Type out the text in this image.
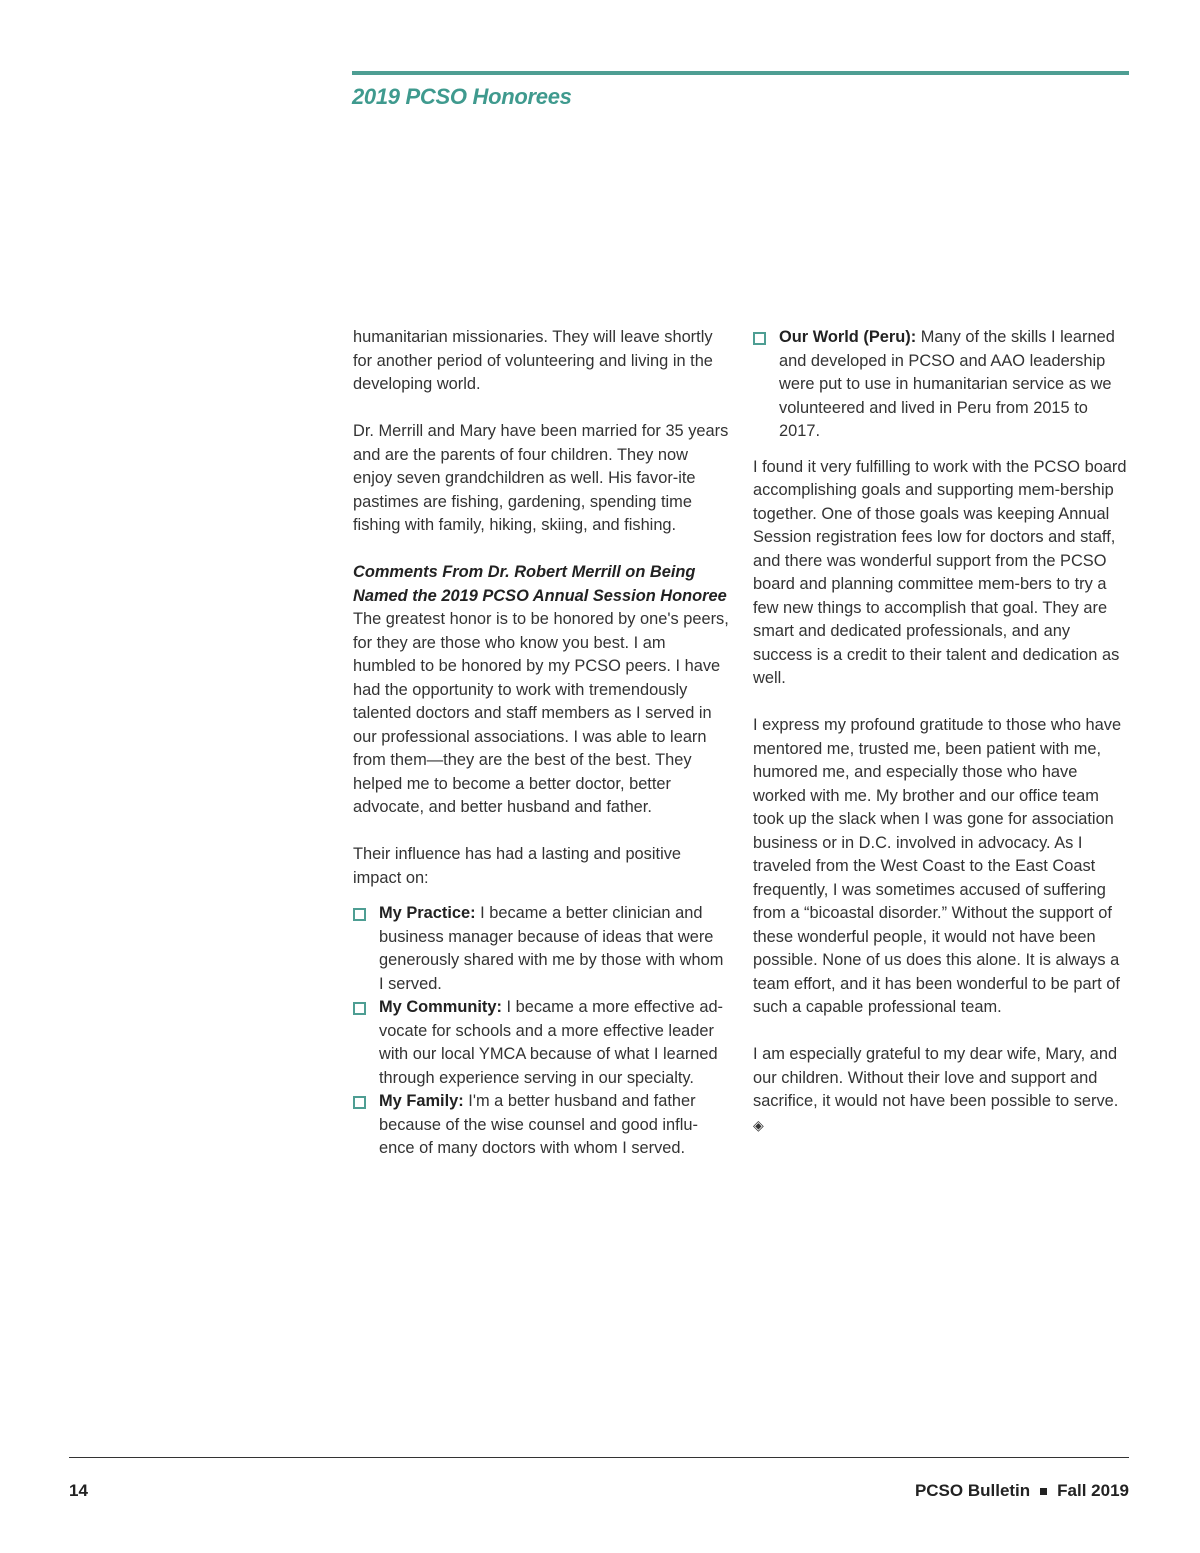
2019 PCSO Honorees

humanitarian missionaries. They will leave shortly for another period of volunteering and living in the developing world.

Dr. Merrill and Mary have been married for 35 years and are the parents of four children. They now enjoy seven grandchildren as well. His favor-ite pastimes are fishing, gardening, spending time fishing with family, hiking, skiing, and fishing.

Comments From Dr. Robert Merrill on Being Named the 2019 PCSO Annual Session Honoree

The greatest honor is to be honored by one's peers, for they are those who know you best. I am humbled to be honored by my PCSO peers. I have had the opportunity to work with tremendously talented doctors and staff members as I served in our professional associations. I was able to learn from them—they are the best of the best. They helped me to become a better doctor, better advocate, and better husband and father.

Their influence has had a lasting and positive impact on:

My Practice: I became a better clinician and business manager because of ideas that were generously shared with me by those with whom I served.
My Community: I became a more effective ad-vocate for schools and a more effective leader with our local YMCA because of what I learned through experience serving in our specialty.
My Family: I'm a better husband and father because of the wise counsel and good influ-ence of many doctors with whom I served.
Our World (Peru): Many of the skills I learned and developed in PCSO and AAO leadership were put to use in humanitarian service as we volunteered and lived in Peru from 2015 to 2017.

I found it very fulfilling to work with the PCSO board accomplishing goals and supporting mem-bership together. One of those goals was keeping Annual Session registration fees low for doctors and staff, and there was wonderful support from the PCSO board and planning committee mem-bers to try a few new things to accomplish that goal. They are smart and dedicated professionals, and any success is a credit to their talent and dedication as well.

I express my profound gratitude to those who have mentored me, trusted me, been patient with me, humored me, and especially those who have worked with me. My brother and our office team took up the slack when I was gone for association business or in D.C. involved in advocacy. As I traveled from the West Coast to the East Coast frequently, I was sometimes accused of suffering from a “bicoastal disorder.” Without the support of these wonderful people, it would not have been possible. None of us does this alone. It is always a team effort, and it has been wonderful to be part of such a capable professional team.

I am especially grateful to my dear wife, Mary, and our children. Without their love and support and sacrifice, it would not have been possible to serve. ◈

14	PCSO Bulletin Fall 2019
